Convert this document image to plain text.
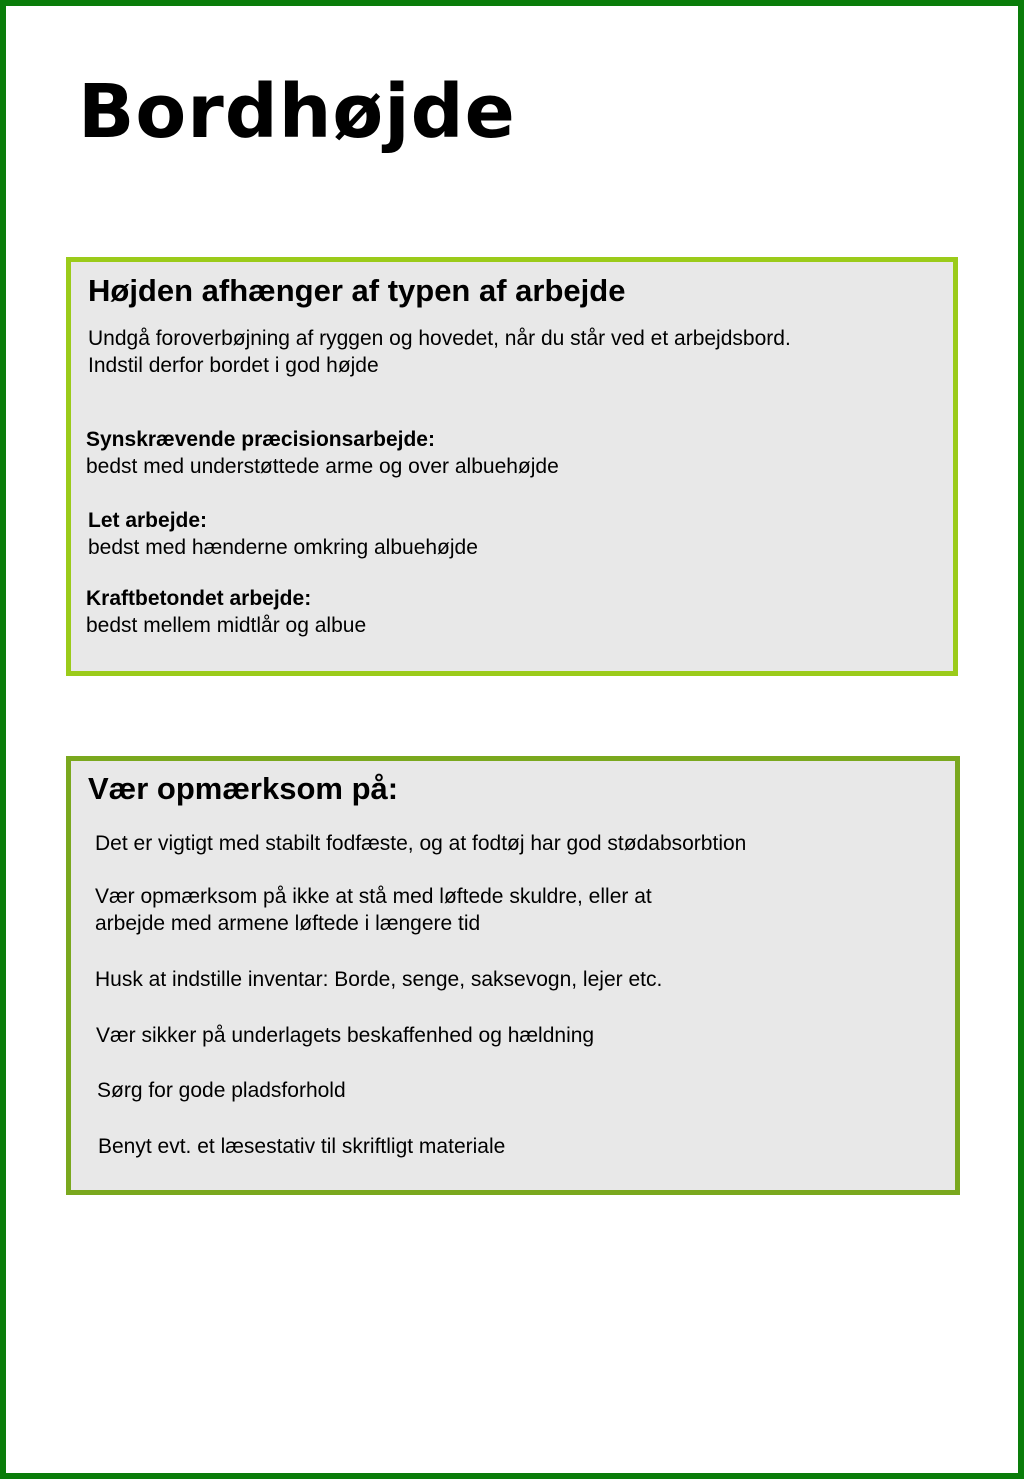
Bordhøjde
Højden afhænger af typen af arbejde
Undgå foroverbøjning af ryggen og hovedet, når du står ved et arbejdsbord.
Indstil derfor bordet i god højde
Synskrævende præcisionsarbejde:
bedst med understøttede arme og over albuehøjde
Let arbejde:
bedst med hænderne omkring albuehøjde
Kraftbetondet arbejde:
bedst mellem midtlår og albue
Vær opmærksom på:
Det er vigtigt med stabilt fodfæste, og at fodtøj har god stødabsorbtion
Vær opmærksom på ikke at stå med løftede skuldre, eller at
arbejde med armene løftede i længere tid
Husk at indstille inventar: Borde, senge, saksevogn, lejer etc.
Vær sikker på underlagets beskaffenhed og hældning
Sørg for gode pladsforhold
Benyt evt. et læsestativ til skriftligt materiale
